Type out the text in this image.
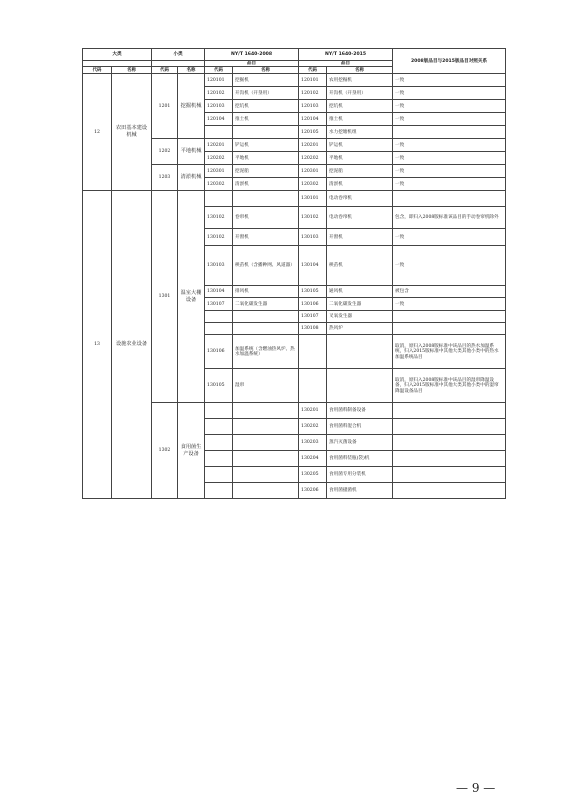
大类		小类		NY/T 1640-2008		NY/T 1640-2015		2008版品目与2015版品目对照关系
				品目		品目		
代码	名称	代码	名称	代码	名称	代码	名称	
12	农田基本建设机械	1201	挖掘机械	120101	挖掘机	120101	农用挖掘机	一致
				120102	开沟机（开垦用）	120102	开沟机（开垦用）	一致
				120103	挖坑机	120103	挖坑机	一致
				120104	推土机	120104	推土机	一致
						120105	水力挖塘机组	
		1202	平地机械	120201	铲运机	120201	铲运机	一致
				120202	平地机	120202	平地机	一致
		1203	清淤机械	120301	挖泥船	120301	挖泥船	一致
				120302	清淤机	120302	清淤机	一致
13	设施农业设备	1301	温室大棚设备			130101	电动卷帘机	
				130102	卷帘机	130102	电动卷帘机	包含，即归入2008版标准该品目的手动卷帘机除外
				130102	开窗机	130103	开窗机	一致
				130103	秧苗机（含播种网、风道器）	130104	秧苗机	一致
				130104	排风机	130105	通风机	被包含
				130107	二氧化碳发生器	130106	二氧化碳发生器	一致
						130107	叉氧发生器	
						130108	热风炉	
				130106	加温系统（含燃油热风炉、热水加温系统）			取消，原归入2008版标准中该品目的热水加温系统，归入2015版标准中其他大类其他小类中的热水加温系统品目
				130105	湿帘			取消，原归入2008版标准中该品目的湿帘降温设备，归入2015版标准中其他大类其他小类中的湿帘降温设备品目
		1302	食用菌生产设备			130201	食用菌料制备设备	
						130202	食用菌料混合机	
						130203	蒸汽灭菌设备	
						130204	食用菌料装瓶(袋)机	
						130205	食用菌专用分装机	
						130206	食用菌搔菌机	
— 9 —
